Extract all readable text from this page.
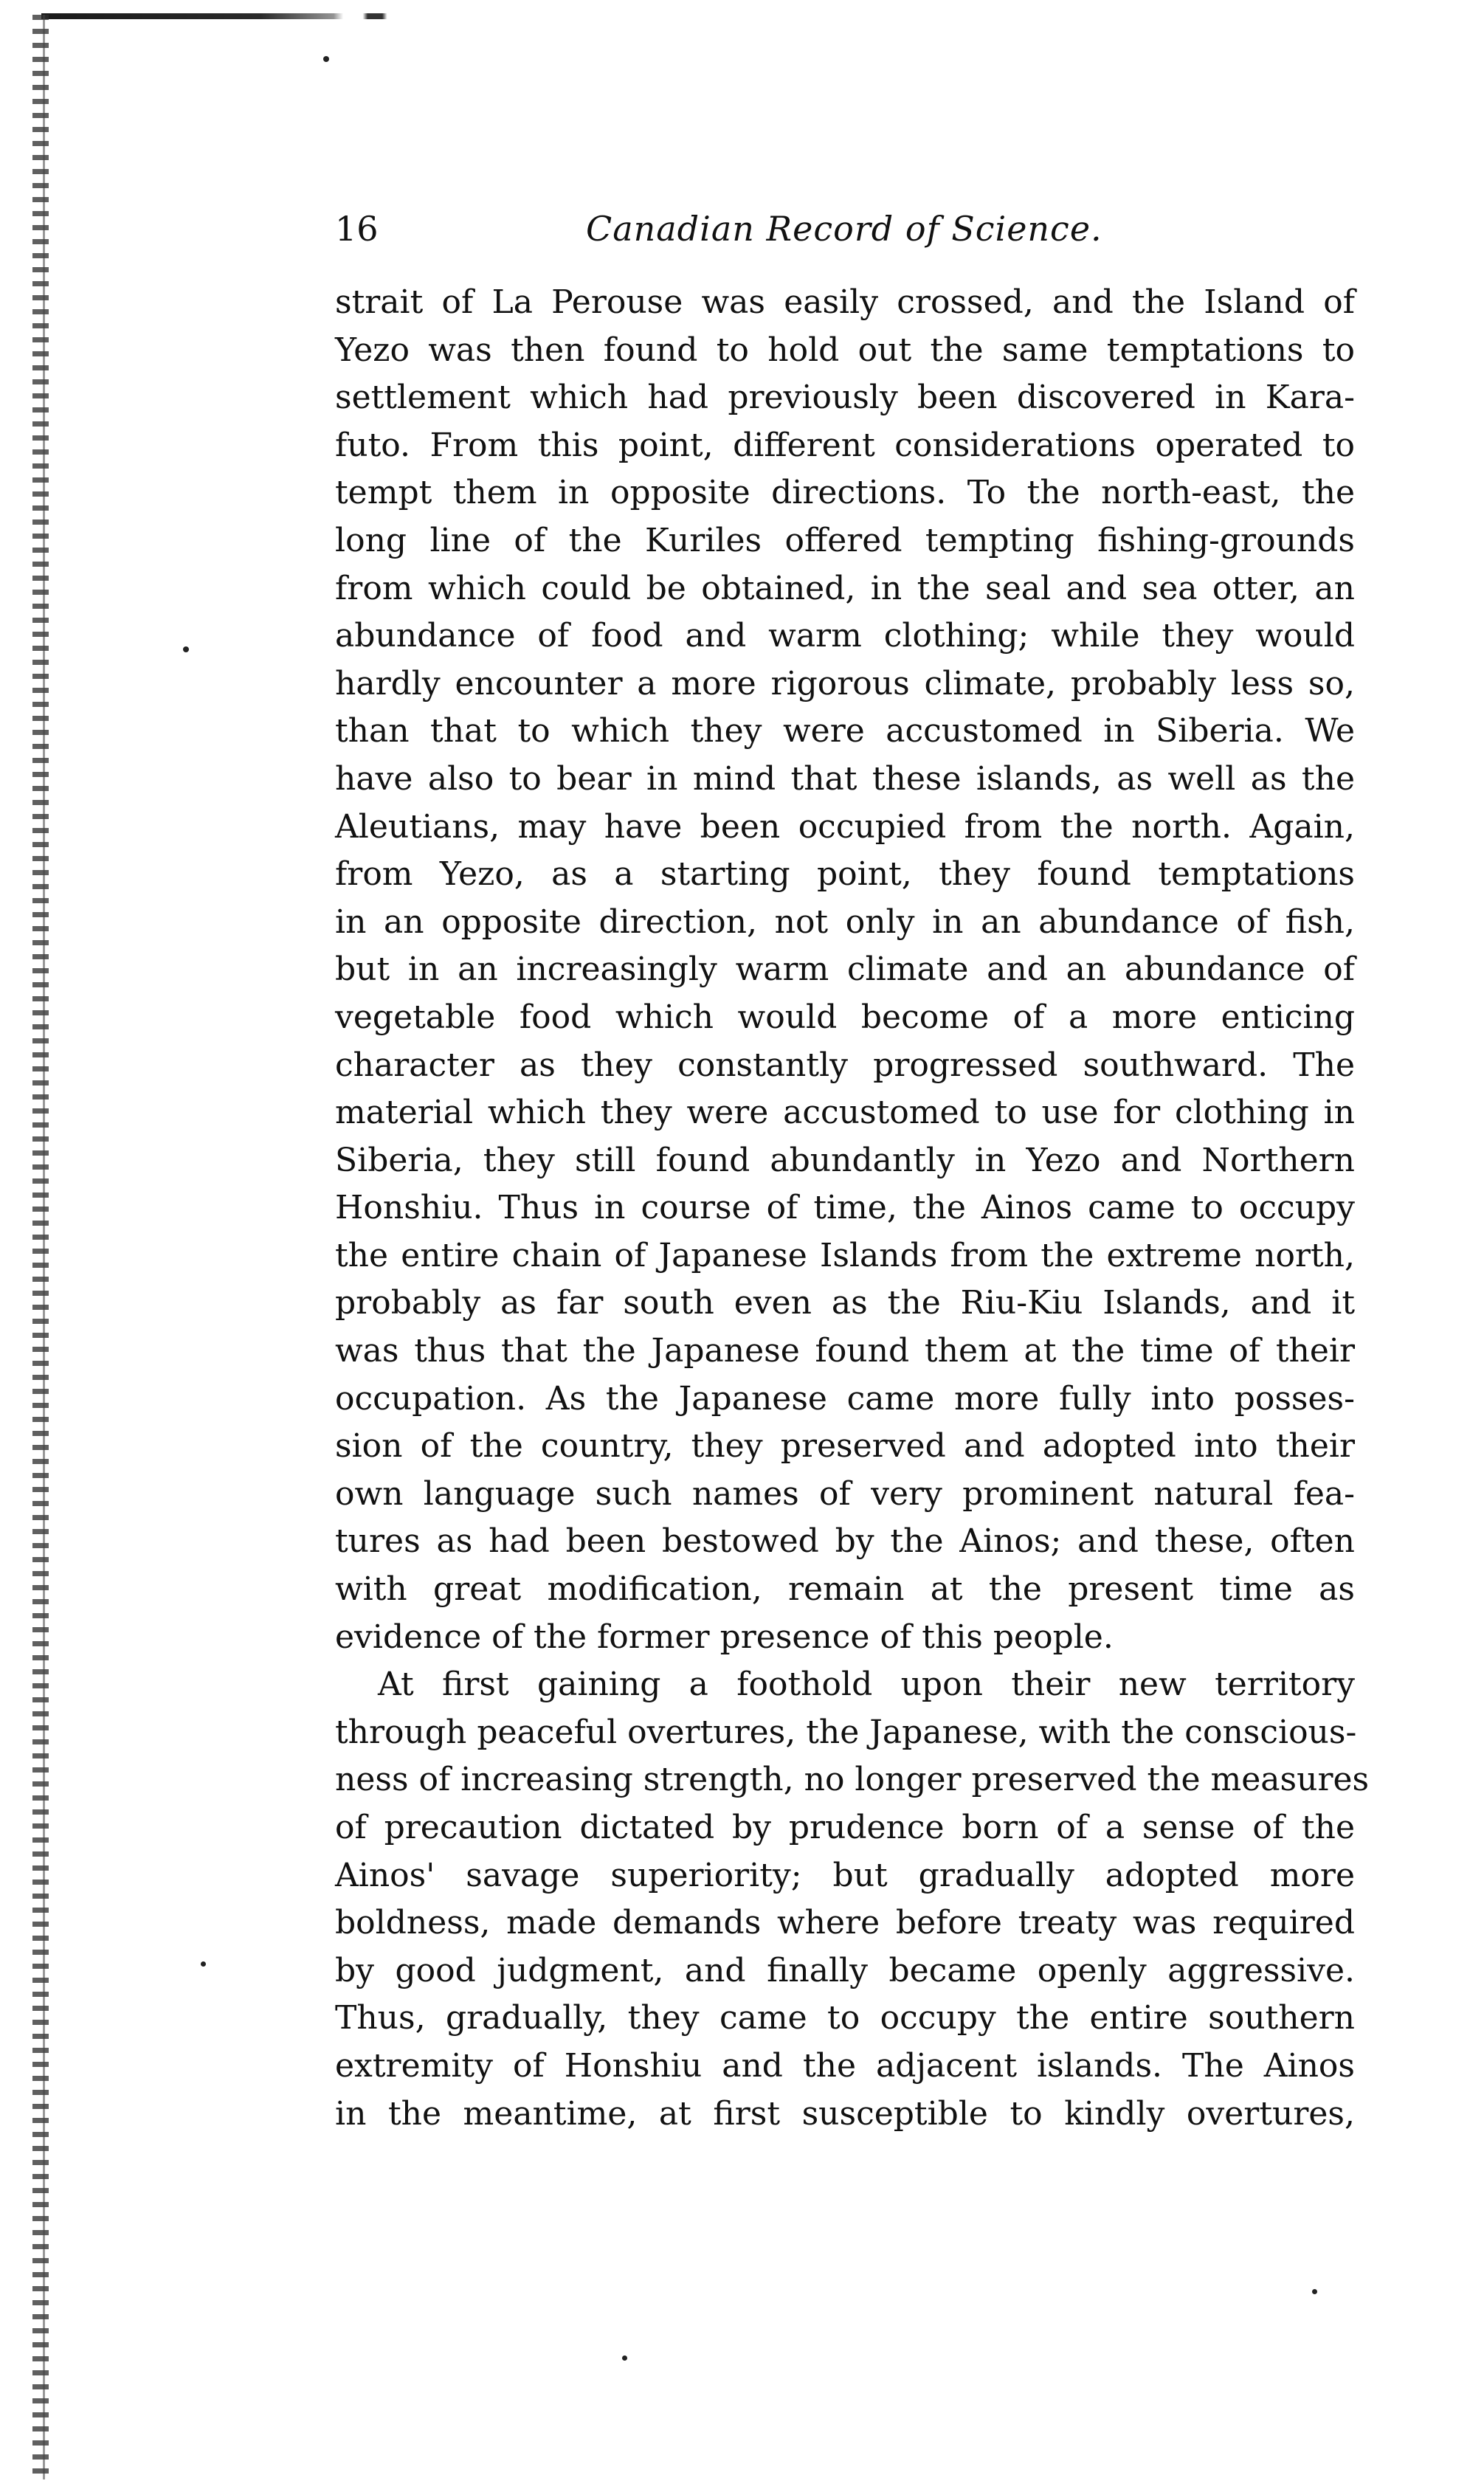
16	Canadian Record of Science.
strait of La Perouse was easily crossed, and the Island of
Yezo was then found to hold out the same temptations to
settlement which had previously been discovered in Kara-
futo. From this point, different considerations operated to
tempt them in opposite directions. To the north-east, the
long line of the Kuriles offered tempting fishing-grounds
from which could be obtained, in the seal and sea otter, an
abundance of food and warm clothing; while they would
hardly encounter a more rigorous climate, probably less so,
than that to which they were accustomed in Siberia. We
have also to bear in mind that these islands, as well as the
Aleutians, may have been occupied from the north. Again,
from Yezo, as a starting point, they found temptations
in an opposite direction, not only in an abundance of fish,
but in an increasingly warm climate and an abundance of
vegetable food which would become of a more enticing
character as they constantly progressed southward. The
material which they were accustomed to use for clothing in
Siberia, they still found abundantly in Yezo and Northern
Honshiu. Thus in course of time, the Ainos came to occupy
the entire chain of Japanese Islands from the extreme north,
probably as far south even as the Riu-Kiu Islands, and it
was thus that the Japanese found them at the time of their
occupation. As the Japanese came more fully into posses-
sion of the country, they preserved and adopted into their
own language such names of very prominent natural fea-
tures as had been bestowed by the Ainos; and these, often
with great modification, remain at the present time as
evidence of the former presence of this people.
At first gaining a foothold upon their new territory
through peaceful overtures, the Japanese, with the conscious-
ness of increasing strength, no longer preserved the measures
of precaution dictated by prudence born of a sense of the
Ainos' savage superiority; but gradually adopted more
boldness, made demands where before treaty was required
by good judgment, and finally became openly aggressive.
Thus, gradually, they came to occupy the entire southern
extremity of Honshiu and the adjacent islands. The Ainos
in the meantime, at first susceptible to kindly overtures,
